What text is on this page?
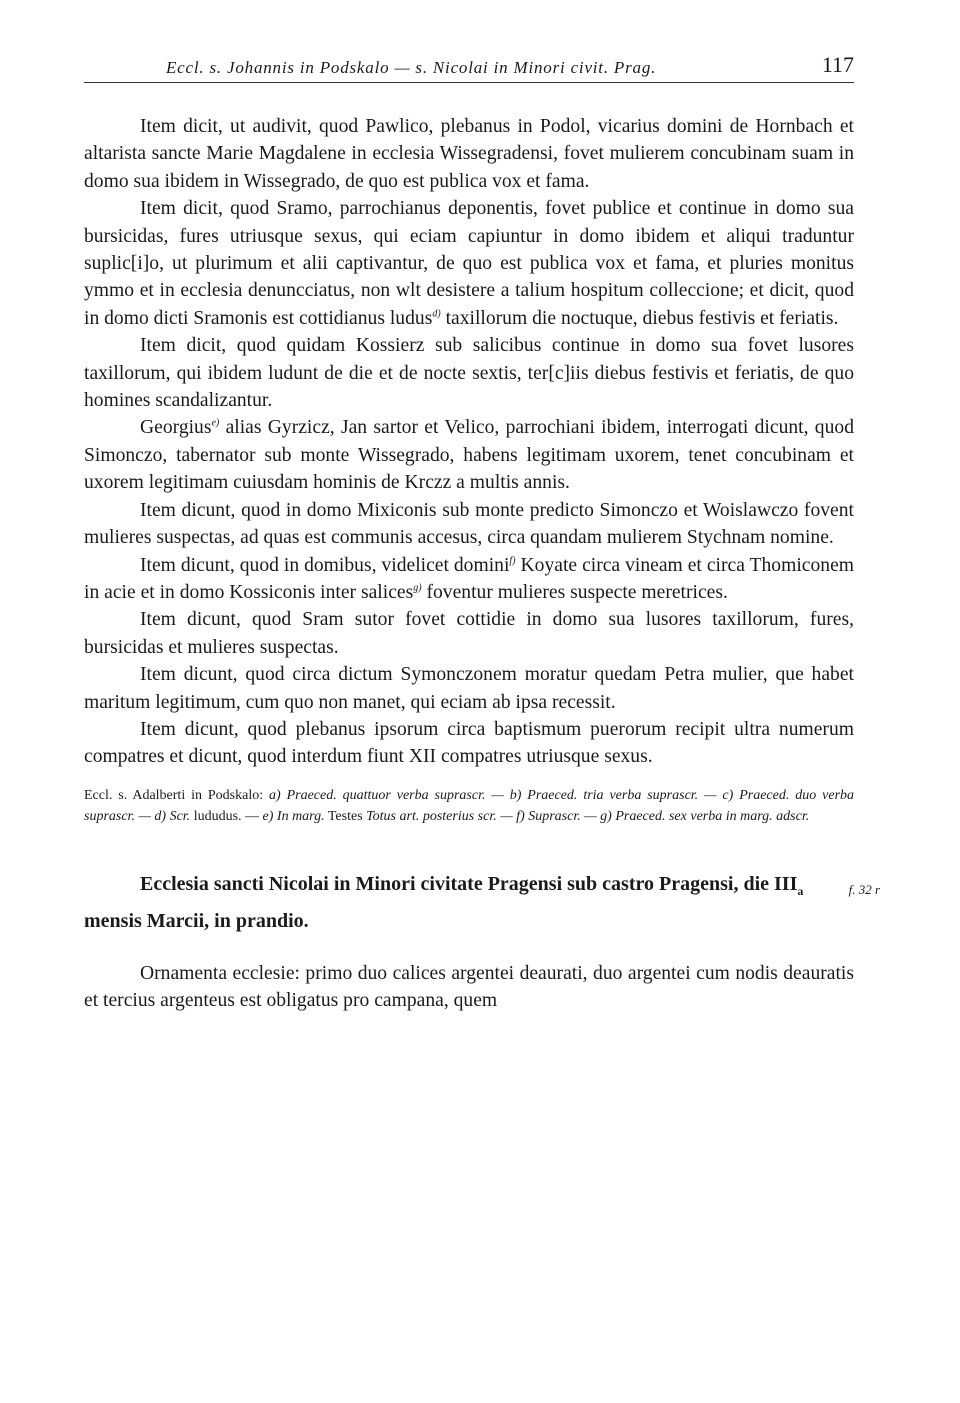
Eccl. s. Johannis in Podskalo — s. Nicolai in Minori civit. Prag.	117

Item dicit, ut audivit, quod Pawlico, plebanus in Podol, vicarius domini de Hornbach et altarista sancte Marie Magdalene in ecclesia Wissegradensi, fovet mulierem concubinam suam in domo sua ibidem in Wissegrado, de quo est publica vox et fama.

Item dicit, quod Sramo, parrochianus deponentis, fovet publice et continue in domo sua bursicidas, fures utriusque sexus, qui eciam capiuntur in domo ibidem et aliqui traduntur suplic[i]o, ut plurimum et alii captivantur, de quo est publica vox et fama, et pluries monitus ymmo et in ecclesia denuncciatus, non wlt desistere a talium hospitum colleccione; et dicit, quod in domo dicti Sramonis est cottidianus ludus$^{d)}$ taxillorum die noctuque, diebus festivis et feriatis.

Item dicit, quod quidam Kossierz sub salicibus continue in domo sua fovet lusores taxillorum, qui ibidem ludunt de die et de nocte sextis, ter[c]iis diebus festivis et feriatis, de quo homines scandalizantur.

Georgius$^{e)}$ alias Gyrzicz, Jan sartor et Velico, parrochiani ibidem, interrogati dicunt, quod Simonczo, tabernator sub monte Wissegrado, habens legitimam uxorem, tenet concubinam et uxorem legitimam cuiusdam hominis de Krczz a multis annis.

Item dicunt, quod in domo Mixiconis sub monte predicto Simonczo et Woislawczo fovent mulieres suspectas, ad quas est communis accesus, circa quandam mulierem Stychnam nomine.

Item dicunt, quod in domibus, videlicet domini$^{f)}$ Koyate circa vineam et circa Thomiconem in acie et in domo Kossiconis inter salices$^{g)}$ foventur mulieres suspecte meretrices.

Item dicunt, quod Sram sutor fovet cottidie in domo sua lusores taxillorum, fures, bursicidas et mulieres suspectas.

Item dicunt, quod circa dictum Symonczonem moratur quedam Petra mulier, que habet maritum legitimum, cum quo non manet, qui eciam ab ipsa recessit.

Item dicunt, quod plebanus ipsorum circa baptismum puerorum recipit ultra numerum compatres et dicunt, quod interdum fiunt XII compatres utriusque sexus.

Eccl. s. Adalberti in Podskalo: a) Praeced. quattuor verba suprascr. — b) Praeced. tria verba suprascr. — c) Praeced. duo verba suprascr. — d) Scr. lududus. — e) In marg. Testes Totus art. posterius scr. — f) Suprascr. — g) Praeced. sex verba in marg. adscr.
Ecclesia sancti Nicolai in Minori civitate Pragensi sub castro Pragensi, die $III_a$ mensis Marcii, in prandio.
f. 32 r

Ornamenta ecclesie: primo duo calices argentei deaurati, duo argentei cum nodis deauratis et tercius argenteus est obligatus pro campana, quem
